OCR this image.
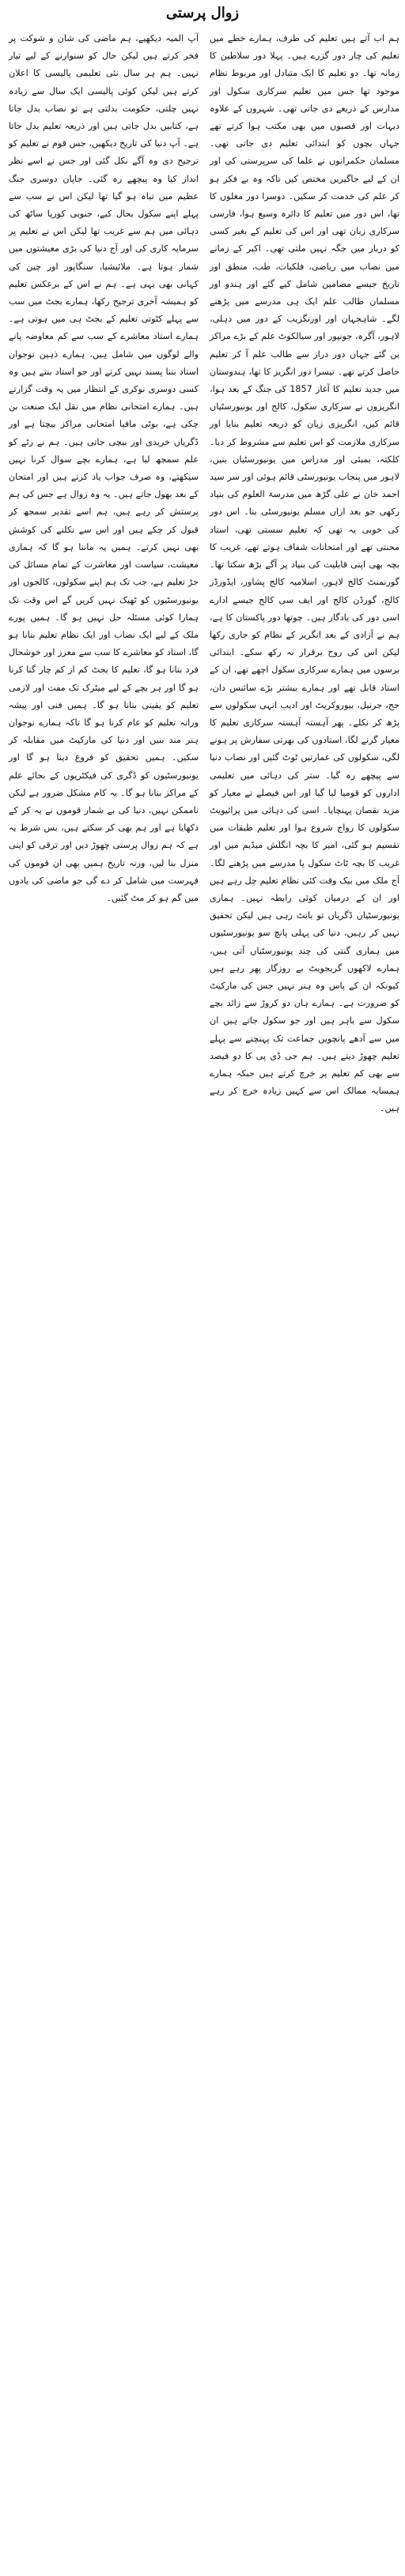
زوال پرستی

ہم اب آتے ہیں تعلیم کی طرف، ہمارے خطے میں تعلیم کی چار دور گزرے ہیں۔ پہلا دور سلاطین کا زمانہ تھا۔ دو تعلیم کا ایک متبادل اور مربوط نظام موجود تھا جس میں تعلیم سرکاری سکول اور مدارس کے ذریعے دی جاتی تھی۔ شہروں کے علاوہ دیہات اور قصبوں میں بھی مکتب ہوا کرتے تھے جہاں بچوں کو ابتدائی تعلیم دی جاتی تھی۔ مسلمان حکمرانوں نے علما کی سرپرستی کی اور ان کے لیے جاگیریں مختص کیں تاکہ وہ بے فکر ہو کر علم کی خدمت کر سکیں۔ دوسرا دور مغلوں کا تھا، اس دور میں تعلیم کا دائرہ وسیع ہوا، فارسی سرکاری زبان تھی اور اس کی تعلیم کے بغیر کسی کو دربار میں جگہ نہیں ملتی تھی۔ اکبر کے زمانے میں نصاب میں ریاضی، فلکیات، طب، منطق اور تاریخ جیسے مضامین شامل کیے گئے اور ہندو اور مسلمان طالب علم ایک ہی مدرسے میں پڑھنے لگے۔ شاہجہان اور اورنگزیب کے دور میں دہلی، لاہور، آگرہ، جونپور اور سیالکوٹ علم کے بڑے مراکز بن گئے جہاں دور دراز سے طالب علم آ کر تعلیم حاصل کرتے تھے۔ تیسرا دور انگریز کا تھا، ہندوستان میں جدید تعلیم کا آغاز 1857 کی جنگ کے بعد ہوا، انگریزوں نے سرکاری سکول، کالج اور یونیورسٹیاں قائم کیں، انگریزی زبان کو ذریعہ تعلیم بنایا اور سرکاری ملازمت کو اس تعلیم سے مشروط کر دیا۔ کلکتہ، بمبئی اور مدراس میں یونیورسٹیاں بنیں، لاہور میں پنجاب یونیورسٹی قائم ہوئی اور سر سید احمد خان نے علی گڑھ میں مدرسۃ العلوم کی بنیاد رکھی جو بعد ازاں مسلم یونیورسٹی بنا۔ اس دور کی خوبی یہ تھی کہ تعلیم سستی تھی، استاد محنتی تھے اور امتحانات شفاف ہوتے تھے، غریب کا بچہ بھی اپنی قابلیت کی بنیاد پر آگے بڑھ سکتا تھا۔ گورنمنٹ کالج لاہور، اسلامیہ کالج پشاور، ایڈورڈز کالج، گورڈن کالج اور ایف سی کالج جیسے ادارے اسی دور کی یادگار ہیں۔ چوتھا دور پاکستان کا ہے، ہم نے آزادی کے بعد انگریز کے نظام کو جاری رکھا لیکن اس کی روح برقرار نہ رکھ سکے۔ ابتدائی برسوں میں ہمارے سرکاری سکول اچھے تھے، ان کے استاد قابل تھے اور ہمارے بیشتر بڑے سائنس دان، جج، جرنیل، بیوروکریٹ اور ادیب انہی سکولوں سے پڑھ کر نکلے۔ پھر آہستہ آہستہ سرکاری تعلیم کا معیار گرنے لگا، استادوں کی بھرتی سفارش پر ہونے لگی، سکولوں کی عمارتیں ٹوٹ گئیں اور نصاب دنیا سے پیچھے رہ گیا۔ ستر کی دہائی میں تعلیمی اداروں کو قومیا لیا گیا اور اس فیصلے نے معیار کو مزید نقصان پہنچایا۔ اسی کی دہائی میں پرائیویٹ سکولوں کا رواج شروع ہوا اور تعلیم طبقات میں تقسیم ہو گئی، امیر کا بچہ انگلش میڈیم میں اور غریب کا بچہ ٹاٹ سکول یا مدرسے میں پڑھنے لگا۔ آج ملک میں بیک وقت کئی نظام تعلیم چل رہے ہیں اور ان کے درمیان کوئی رابطہ نہیں۔ ہماری یونیورسٹیاں ڈگریاں تو بانٹ رہی ہیں لیکن تحقیق نہیں کر رہیں، دنیا کی پہلی پانچ سو یونیورسٹیوں میں ہماری گنتی کی چند یونیورسٹیاں آتی ہیں، ہمارے لاکھوں گریجویٹ بے روزگار پھر رہے ہیں کیونکہ ان کے پاس وہ ہنر نہیں جس کی مارکیٹ کو ضرورت ہے۔ ہمارے ہاں دو کروڑ سے زائد بچے سکول سے باہر ہیں اور جو سکول جاتے ہیں ان میں سے آدھے پانچویں جماعت تک پہنچنے سے پہلے تعلیم چھوڑ دیتے ہیں۔ ہم جی ڈی پی کا دو فیصد سے بھی کم تعلیم پر خرچ کرتے ہیں جبکہ ہمارے ہمسایہ ممالک اس سے کہیں زیادہ خرچ کر رہے ہیں۔

آپ المیہ دیکھیے، ہم ماضی کی شان و شوکت پر فخر کرتے ہیں لیکن حال کو سنوارنے کے لیے تیار نہیں۔ ہم ہر سال نئی تعلیمی پالیسی کا اعلان کرتے ہیں لیکن کوئی پالیسی ایک سال سے زیادہ نہیں چلتی، حکومت بدلتی ہے تو نصاب بدل جاتا ہے، کتابیں بدل جاتی ہیں اور ذریعہ تعلیم بدل جاتا ہے۔ آپ دنیا کی تاریخ دیکھیں، جس قوم نے تعلیم کو ترجیح دی وہ آگے نکل گئی اور جس نے اسے نظر انداز کیا وہ پیچھے رہ گئی۔ جاپان دوسری جنگ عظیم میں تباہ ہو گیا تھا لیکن اس نے سب سے پہلے اپنے سکول بحال کیے، جنوبی کوریا ساٹھ کی دہائی میں ہم سے غریب تھا لیکن اس نے تعلیم پر سرمایہ کاری کی اور آج دنیا کی بڑی معیشتوں میں شمار ہوتا ہے۔ ملائیشیا، سنگاپور اور چین کی کہانی بھی یہی ہے۔ ہم نے اس کے برعکس تعلیم کو ہمیشہ آخری ترجیح رکھا، ہمارے بجٹ میں سب سے پہلے کٹوتی تعلیم کے بجٹ ہی میں ہوتی ہے۔ ہمارے استاد معاشرے کے سب سے کم معاوضہ پانے والے لوگوں میں شامل ہیں، ہمارے ذہین نوجوان استاد بننا پسند نہیں کرتے اور جو استاد بنتے ہیں وہ کسی دوسری نوکری کے انتظار میں یہ وقت گزارتے ہیں۔ ہمارے امتحانی نظام میں نقل ایک صنعت بن چکی ہے، بوٹی مافیا امتحانی مراکز بیچتا ہے اور ڈگریاں خریدی اور بیچی جاتی ہیں۔ ہم نے رٹے کو علم سمجھ لیا ہے، ہمارے بچے سوال کرنا نہیں سیکھتے، وہ صرف جواب یاد کرتے ہیں اور امتحان کے بعد بھول جاتے ہیں۔ یہ وہ زوال ہے جس کی ہم پرستش کر رہے ہیں، ہم اسے تقدیر سمجھ کر قبول کر چکے ہیں اور اس سے نکلنے کی کوشش بھی نہیں کرتے۔ ہمیں یہ ماننا ہو گا کہ ہماری معیشت، سیاست اور معاشرت کے تمام مسائل کی جڑ تعلیم ہے، جب تک ہم اپنے سکولوں، کالجوں اور یونیورسٹیوں کو ٹھیک نہیں کریں گے اس وقت تک ہمارا کوئی مسئلہ حل نہیں ہو گا۔ ہمیں پورے ملک کے لیے ایک نصاب اور ایک نظام تعلیم بنانا ہو گا، استاد کو معاشرے کا سب سے معزز اور خوشحال فرد بنانا ہو گا، تعلیم کا بجٹ کم از کم چار گنا کرنا ہو گا اور ہر بچے کے لیے میٹرک تک مفت اور لازمی تعلیم کو یقینی بنانا ہو گا۔ ہمیں فنی اور پیشہ ورانہ تعلیم کو عام کرنا ہو گا تاکہ ہمارے نوجوان ہنر مند بنیں اور دنیا کی مارکیٹ میں مقابلہ کر سکیں۔ ہمیں تحقیق کو فروغ دینا ہو گا اور یونیورسٹیوں کو ڈگری کی فیکٹریوں کے بجائے علم کے مراکز بنانا ہو گا۔ یہ کام مشکل ضرور ہے لیکن ناممکن نہیں، دنیا کی بے شمار قوموں نے یہ کر کے دکھایا ہے اور ہم بھی کر سکتے ہیں، بس شرط یہ ہے کہ ہم زوال پرستی چھوڑ دیں اور ترقی کو اپنی منزل بنا لیں، ورنہ تاریخ ہمیں بھی ان قوموں کی فہرست میں شامل کر دے گی جو ماضی کی یادوں میں گم ہو کر مٹ گئیں۔
